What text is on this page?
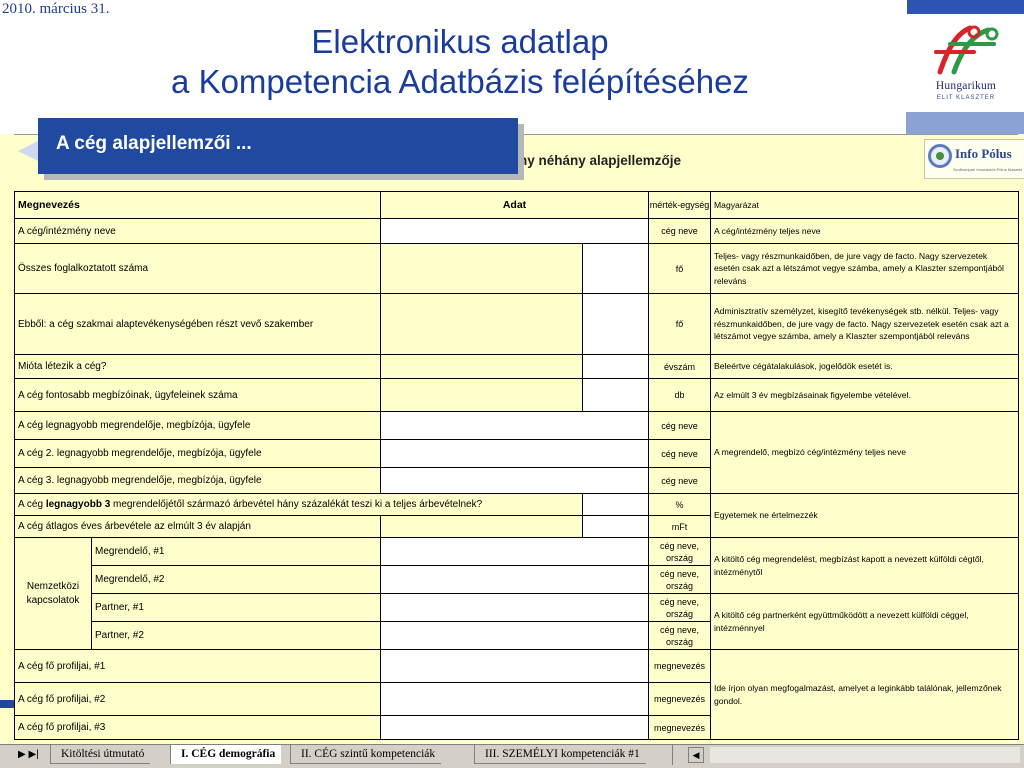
2010. március 31.
Elektronikus adatlap
a Kompetencia Adatbázis felépítéséhez	Hungarikum
ELIT KLASZTER
ny néhány alapjellemzője	Info Pólus
Szoftveripari Innovációs Pólus Klaszter
A cég alapjellemzői ...
Megnevezés		Adat		mérték-egység	Magyarázat
A cég/intézmény neve				cég neve	A cég/intézmény teljes neve
Összes foglalkoztatott száma				fő	Teljes- vagy részmunkaidőben, de jure vagy de facto. Nagy szervezetek esetén csak azt a létszámot vegye számba, amely a Klaszter szempontjából releváns
Ebből: a cég szakmai alaptevékenységében részt vevő szakember				fő	Adminisztratív személyzet, kisegítő tevékenységek stb. nélkül. Teljes- vagy részmunkaidőben, de jure vagy de facto. Nagy szervezetek esetén csak azt a létszámot vegye számba, amely a Klaszter szempontjából releváns
Mióta létezik a cég?				évszám	Beleértve cégátalakulások, jogelődök esetét is.
A cég fontosabb megbízóinak, ügyfeleinek száma				db	Az elmúlt 3 év megbízásainak figyelembe vételével.
A cég legnagyobb megrendelője, megbízója, ügyfele				cég neve	A megrendelő, megbízó cég/intézmény teljes neve
A cég 2. legnagyobb megrendelője, megbízója, ügyfele				cég neve	
A cég 3. legnagyobb megrendelője, megbízója, ügyfele				cég neve	
A cég legnagyobb 3 megrendelőjétől származó árbevétel hány százalékát teszi ki a teljes árbevételnek?				%	Egyetemek ne értelmezzék
A cég átlagos éves árbevétele az elmúlt 3 év alapján				mFt	
Nemzetközi kapcsolatok	Megrendelő, #1			cég neve, ország	A kitöltő cég megrendelést, megbízást kapott a nevezett külföldi cégtől, intézménytől
	Megrendelő, #2			cég neve, ország	
	Partner, #1			cég neve, ország	A kitöltő cég partnerként együttműködött a nevezett külföldi céggel, intézménnyel
	Partner, #2			cég neve, ország	
A cég fő profiljai, #1				megnevezés	Ide írjon olyan megfogalmazást, amelyet a leginkább találónak, jellemzőnek gondol.
A cég fő profiljai, #2				megnevezés	
A cég fő profiljai, #3				megnevezés	
▶ ▶|	Kitöltési útmutató	I. CÉG demográfia	II. CÉG szintű kompetenciák	III. SZEMÉLYI kompetenciák #1	◀
